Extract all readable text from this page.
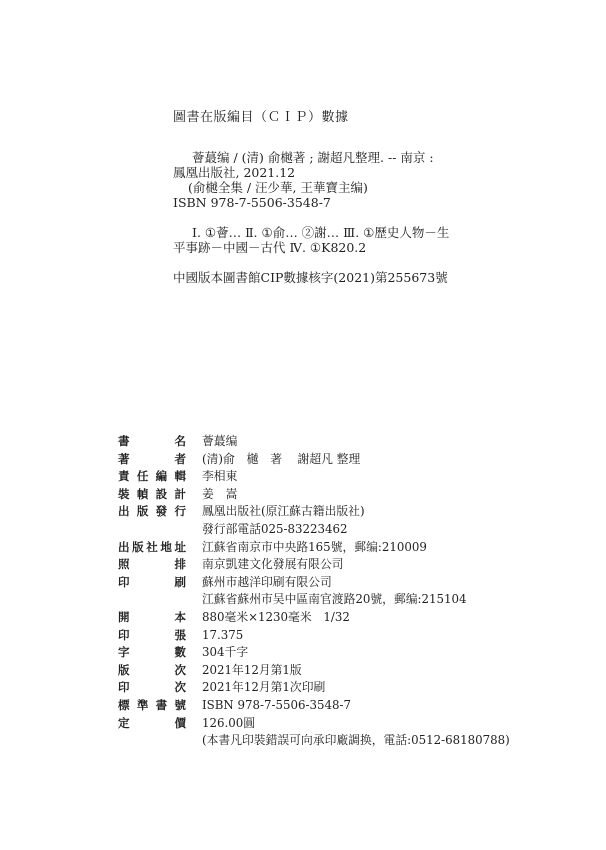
圖書在版編目（ＣＩＰ）數據
薈蕞编 / (清) 俞樾著 ; 謝超凡整理. -- 南京 :
鳳凰出版社, 2021.12
(俞樾全集 / 汪少華, 王華寶主编)
ISBN 978-7-5506-3548-7
Ⅰ. ①薈… Ⅱ. ①俞… ②謝… Ⅲ. ①歷史人物－生
平事跡－中國－古代 Ⅳ. ①K820.2
中國版本圖書館CIP數據核字(2021)第255673號
書名 薈蕞编
著者 (清)俞　樾　著　 謝超凡 整理
責任編輯 李相東
裝幀設計 姜　嵩
出版發行 鳳凰出版社(原江蘇古籍出版社)
發行部電話025-83223462
出版社地址 江蘇省南京市中央路165號，郵编:210009
照排 南京凱建文化發展有限公司
印刷 蘇州市越洋印刷有限公司
江蘇省蘇州市吴中區南官渡路20號，郵编:215104
開本 880毫米×1230毫米　1/32
印張 17.375
字數 304千字
版次 2021年12月第1版
印次 2021年12月第1次印刷
標準書號 ISBN 978-7-5506-3548-7
定價 126.00圓
(本書凡印裝錯誤可向承印廠調换，電話:0512-68180788)
